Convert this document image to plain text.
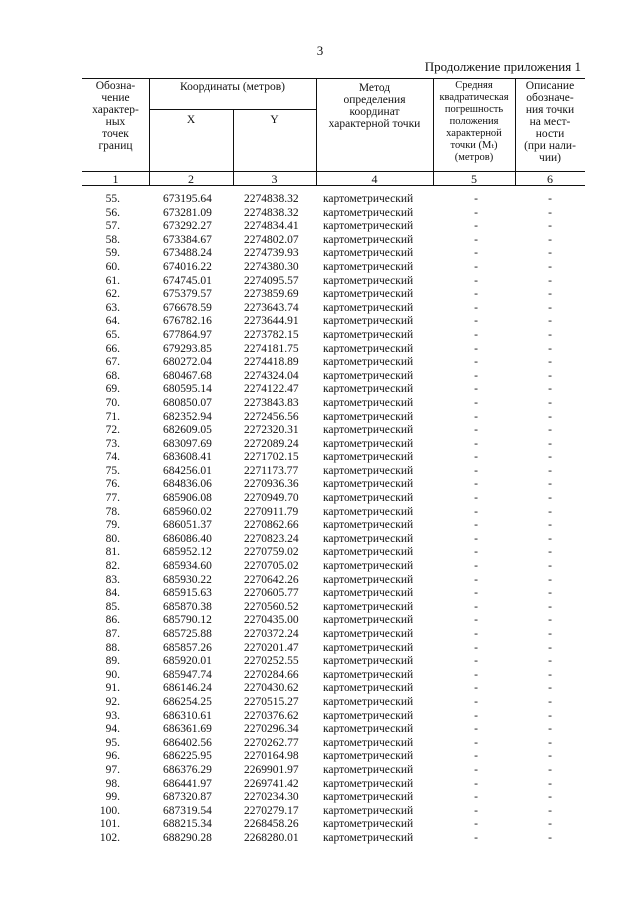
3
Продолжение приложения 1
Обозна-
чение
характер-
ных
точек
границ
Координаты (метров)
X	Y
Метод
определения
координат
характерной точки
Средняя
квадратическая
погрешность
положения
характерной
точки (Mₜ)
(метров)
Описание
обозначе-
ния точки
на мест-
ности
(при нали-
чии)
1	2	3	4	5	6
55.	673195.64	2274838.32 картометрический	-	-
56.	673281.09	2274838.32 картометрический	-	-
57.	673292.27	2274834.41 картометрический	-	-
58.	673384.67	2274802.07 картометрический	-	-
59.	673488.24	2274739.93 картометрический	-	-
60.	674016.22	2274380.30 картометрический	-	-
61.	674745.01	2274095.57 картометрический	-	-
62.	675379.57	2273859.69 картометрический	-	-
63.	676678.59	2273643.74 картометрический	-	-
64.	676782.16	2273644.91 картометрический	-	-
65.	677864.97	2273782.15 картометрический	-	-
66.	679293.85	2274181.75 картометрический	-	-
67.	680272.04	2274418.89 картометрический	-	-
68.	680467.68	2274324.04 картометрический	-	-
69.	680595.14	2274122.47 картометрический	-	-
70.	680850.07	2273843.83 картометрический	-	-
71.	682352.94	2272456.56 картометрический	-	-
72.	682609.05	2272320.31 картометрический	-	-
73.	683097.69	2272089.24 картометрический	-	-
74.	683608.41	2271702.15 картометрический	-	-
75.	684256.01	2271173.77 картометрический	-	-
76.	684836.06	2270936.36 картометрический	-	-
77.	685906.08	2270949.70 картометрический	-	-
78.	685960.02	2270911.79 картометрический	-	-
79.	686051.37	2270862.66 картометрический	-	-
80.	686086.40	2270823.24 картометрический	-	-
81.	685952.12	2270759.02 картометрический	-	-
82.	685934.60	2270705.02 картометрический	-	-
83.	685930.22	2270642.26 картометрический	-	-
84.	685915.63	2270605.77 картометрический	-	-
85.	685870.38	2270560.52 картометрический	-	-
86.	685790.12	2270435.00 картометрический	-	-
87.	685725.88	2270372.24 картометрический	-	-
88.	685857.26	2270201.47 картометрический	-	-
89.	685920.01	2270252.55 картометрический	-	-
90.	685947.74	2270284.66 картометрический	-	-
91.	686146.24	2270430.62 картометрический	-	-
92.	686254.25	2270515.27 картометрический	-	-
93.	686310.61	2270376.62 картометрический	-	-
94.	686361.69	2270296.34 картометрический	-	-
95.	686402.56	2270262.77 картометрический	-	-
96.	686225.95	2270164.98 картометрический	-	-
97.	686376.29	2269901.97 картометрический	-	-
98.	686441.97	2269741.42 картометрический	-	-
99.	687320.87	2270234.30 картометрический	-	-
100.	687319.54	2270279.17 картометрический	-	-
101.	688215.34	2268458.26 картометрический	-	-
102.	688290.28	2268280.01 картометрический	-	-
